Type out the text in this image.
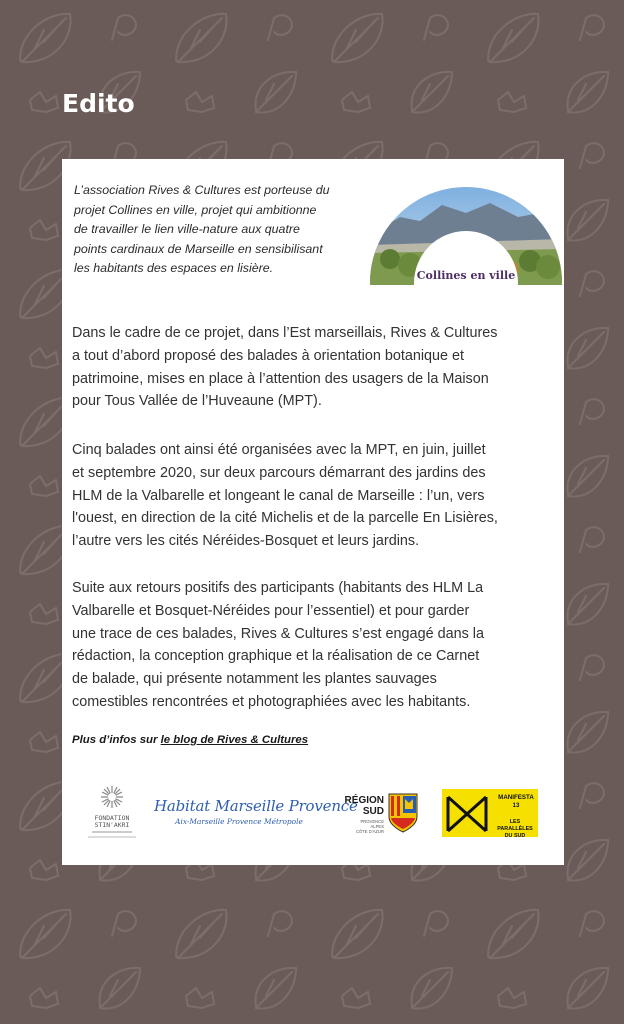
Edito

L’association Rives & Cultures est porteuse du
projet Collines en ville, projet qui ambitionne
de travailler le lien ville-nature aux quatre
points cardinaux de Marseille en sensibilisant
les habitants des espaces en lisière.

Collines en ville

Dans le cadre de ce projet, dans l’Est marseillais, Rives & Cultures
a tout d’abord proposé des balades à orientation botanique et
patrimoine, mises en place à l’attention des usagers de la Maison
pour Tous Vallée de l’Huveaune (MPT).

Cinq balades ont ainsi été organisées avec la MPT, en juin, juillet
et septembre 2020, sur deux parcours démarrant des jardins des
HLM de la Valbarelle et longeant le canal de Marseille : l’un, vers
l'ouest, en direction de la cité Michelis et de la parcelle En Lisières,
l’autre vers les cités Néréides-Bosquet et leurs jardins.

Suite aux retours positifs des participants (habitants des HLM La
Valbarelle et Bosquet-Néréides pour l’essentiel) et pour garder
une trace de ces balades, Rives & Cultures s’est engagé dans la
rédaction, la conception graphique et la réalisation de ce Carnet
de balade, qui présente notamment les plantes sauvages
comestibles rencontrées et photographiées avec les habitants.

Plus d’infos sur le blog de Rives & Cultures

FONDATION
STIN'AKRI
Habitat Marseille Provence
Aix-Marseille Provence Métropole
RÉGION
SUD
PROVENCE
ALPES
CÔTE D'AZUR
MANIFESTA
13
LES PARALLÈLES
DU SUD
